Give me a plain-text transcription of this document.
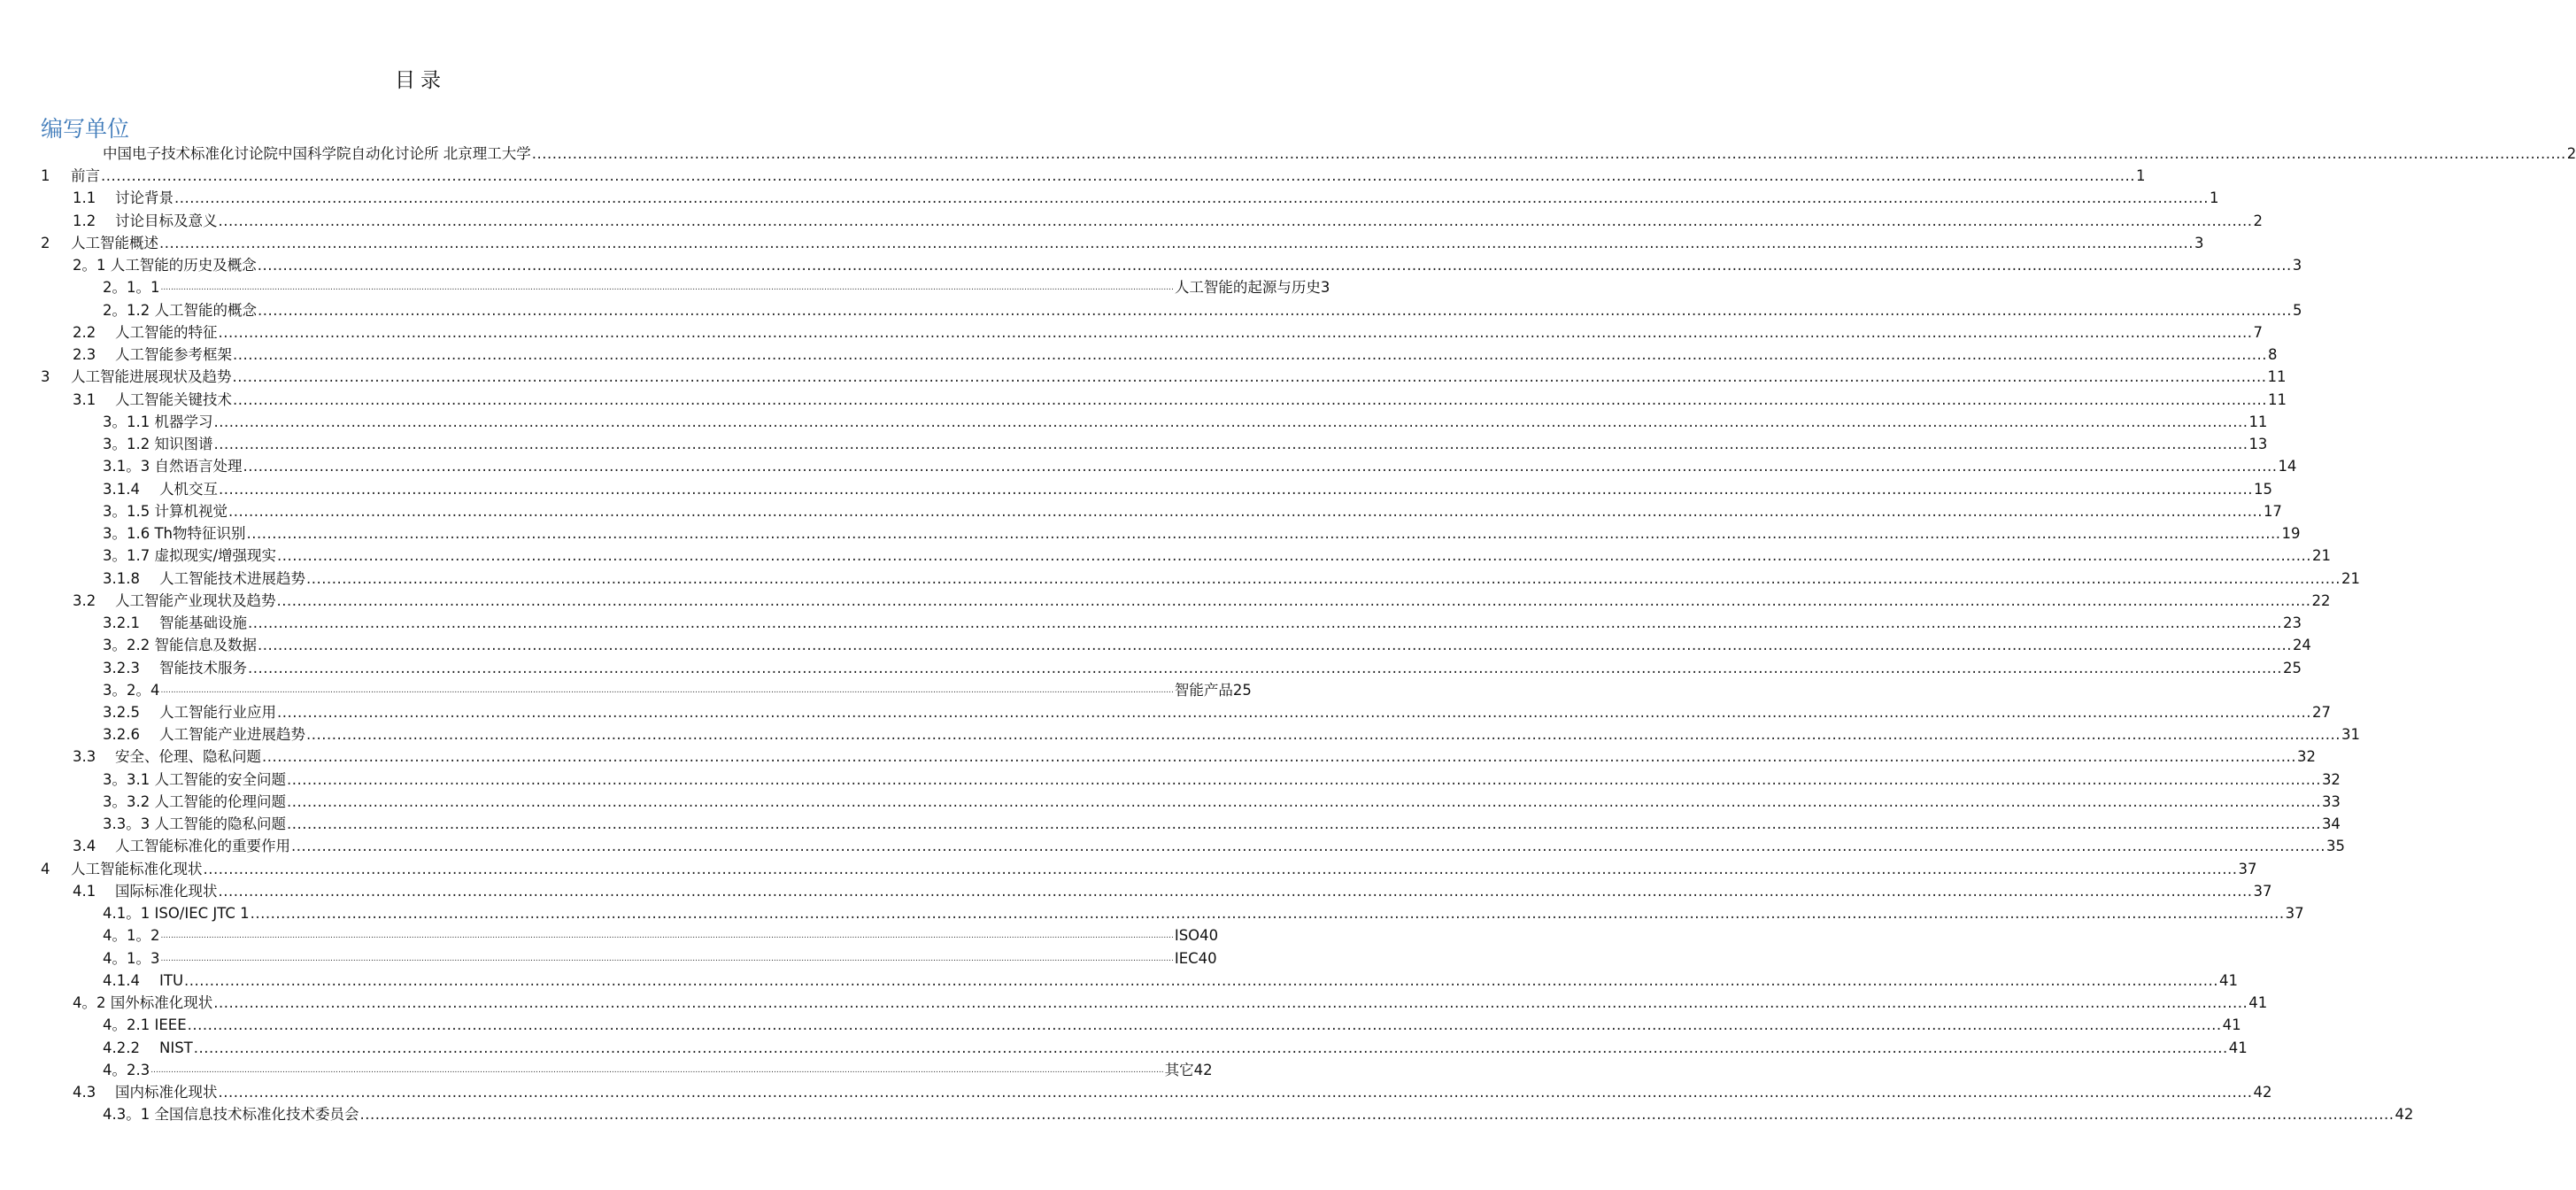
目录
编写单位
中国电子技术标准化讨论院中国科学院自动化讨论所 北京理工大学 ................................................................................................................................................................................................................................................................................................................................................................................................................ 2
1	前言 ................................................................................................................................................................................................................................................................................................................................................................................................................ 1
1.1	讨论背景 ................................................................................................................................................................................................................................................................................................................................................................................................................ 1
1.2	讨论目标及意义 ................................................................................................................................................................................................................................................................................................................................................................................................................ 2
2	人工智能概述 ................................................................................................................................................................................................................................................................................................................................................................................................................ 3
2。1 人工智能的历史及概念 ................................................................................................................................................................................................................................................................................................................................................................................................................ 3
2。1。1 ................................................................................................................................................................................................................................................................................................................................................................................................................ 人工智能的起源与历史3
2。1.2 人工智能的概念 ................................................................................................................................................................................................................................................................................................................................................................................................................ 5
2.2	人工智能的特征 ................................................................................................................................................................................................................................................................................................................................................................................................................ 7
2.3	人工智能参考框架 ................................................................................................................................................................................................................................................................................................................................................................................................................ 8
3	人工智能进展现状及趋势 ................................................................................................................................................................................................................................................................................................................................................................................................................ 11
3.1	人工智能关键技术 ................................................................................................................................................................................................................................................................................................................................................................................................................ 11
3。1.1 机器学习 ................................................................................................................................................................................................................................................................................................................................................................................................................ 11
3。1.2 知识图谱 ................................................................................................................................................................................................................................................................................................................................................................................................................ 13
3.1。3 自然语言处理 ................................................................................................................................................................................................................................................................................................................................................................................................................ 14
3.1.4	人机交互 ................................................................................................................................................................................................................................................................................................................................................................................................................ 15
3。1.5 计算机视觉 ................................................................................................................................................................................................................................................................................................................................................................................................................ 17
3。1.6 Th物特征识别 ................................................................................................................................................................................................................................................................................................................................................................................................................ 19
3。1.7 虚拟现实/增强现实 ................................................................................................................................................................................................................................................................................................................................................................................................................ 21
3.1.8	人工智能技术进展趋势 ................................................................................................................................................................................................................................................................................................................................................................................................................ 21
3.2	人工智能产业现状及趋势 ................................................................................................................................................................................................................................................................................................................................................................................................................ 22
3.2.1	智能基础设施 ................................................................................................................................................................................................................................................................................................................................................................................................................ 23
3。2.2 智能信息及数据 ................................................................................................................................................................................................................................................................................................................................................................................................................ 24
3.2.3	智能技术服务 ................................................................................................................................................................................................................................................................................................................................................................................................................ 25
3。2。4 ................................................................................................................................................................................................................................................................................................................................................................................................................ 智能产品25
3.2.5	人工智能行业应用 ................................................................................................................................................................................................................................................................................................................................................................................................................ 27
3.2.6	人工智能产业进展趋势 ................................................................................................................................................................................................................................................................................................................................................................................................................ 31
3.3	安全、伦理、隐私问题 ................................................................................................................................................................................................................................................................................................................................................................................................................ 32
3。3.1 人工智能的安全问题 ................................................................................................................................................................................................................................................................................................................................................................................................................ 32
3。3.2 人工智能的伦理问题 ................................................................................................................................................................................................................................................................................................................................................................................................................ 33
3.3。3 人工智能的隐私问题 ................................................................................................................................................................................................................................................................................................................................................................................................................ 34
3.4	人工智能标准化的重要作用 ................................................................................................................................................................................................................................................................................................................................................................................................................ 35
4	人工智能标准化现状 ................................................................................................................................................................................................................................................................................................................................................................................................................ 37
4.1	国际标准化现状 ................................................................................................................................................................................................................................................................................................................................................................................................................ 37
4.1。1 ISO/IEC JTC 1 ................................................................................................................................................................................................................................................................................................................................................................................................................ 37
4。1。2 ................................................................................................................................................................................................................................................................................................................................................................................................................ ISO40
4。1。3 ................................................................................................................................................................................................................................................................................................................................................................................................................ IEC40
4.1.4	ITU ................................................................................................................................................................................................................................................................................................................................................................................................................ 41
4。2 国外标准化现状 ................................................................................................................................................................................................................................................................................................................................................................................................................ 41
4。2.1 IEEE ................................................................................................................................................................................................................................................................................................................................................................................................................ 41
4.2.2	NIST ................................................................................................................................................................................................................................................................................................................................................................................................................ 41
4。2.3 ................................................................................................................................................................................................................................................................................................................................................................................................................ 其它42
4.3	国内标准化现状 ................................................................................................................................................................................................................................................................................................................................................................................................................ 42
4.3。1 全国信息技术标准化技术委员会 ................................................................................................................................................................................................................................................................................................................................................................................................................ 42
